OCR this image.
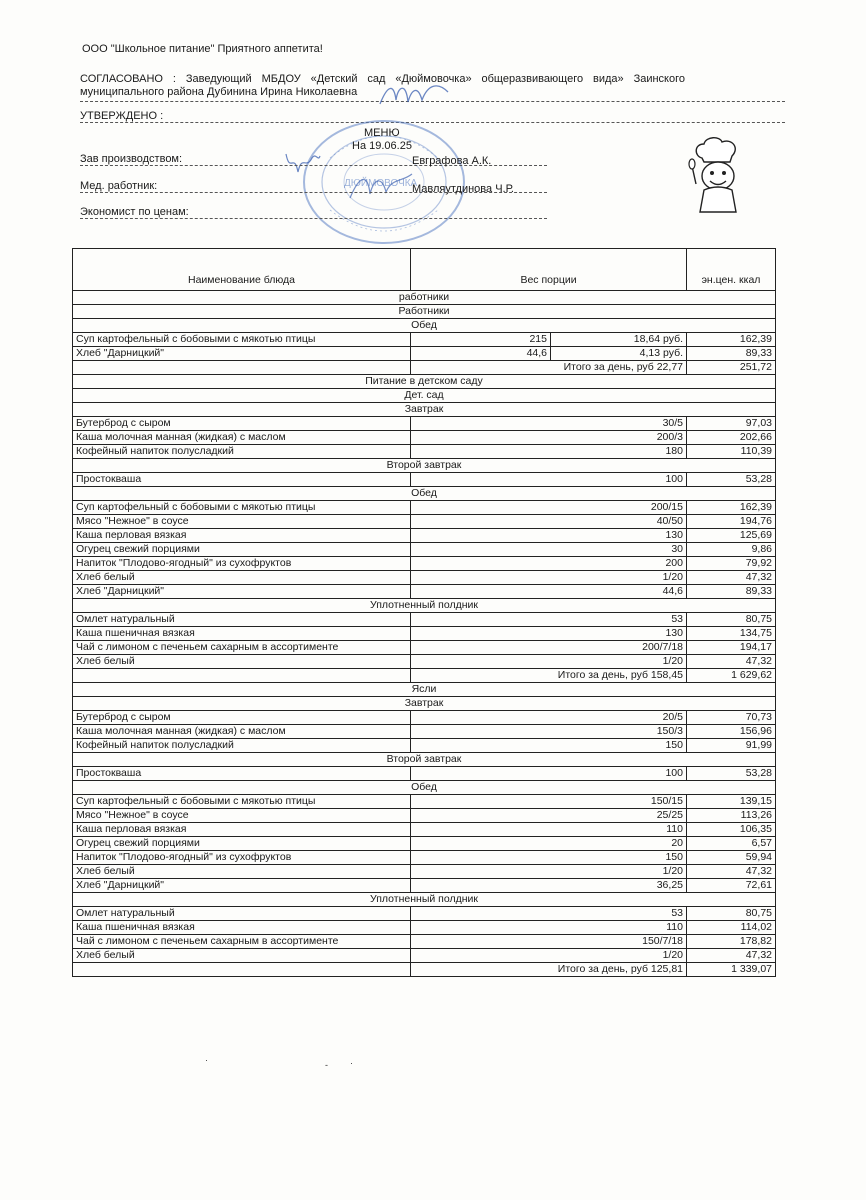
ООО "Школьное питание" Приятного аппетита!
СОГЛАСОВАНО : Заведующий МБДОУ «Детский сад «Дюймовочка» общеразвивающего вида» Заинского муниципального района Дубинина Ирина Николаевна
УТВЕРЖДЕНО :
ДЮЙМОВОЧКА
МЕНЮ
На 19.06.25
Зав производством:	Евграфова А.К.
Мед. работник:	Мавляутдинова Ч.Р.
Экономист по ценам:
Наименование блюда	Вес порции		эн.цен. ккал
работники			
Работники			
Обед			
Суп картофельный с бобовыми с мякотью птицы	215	18,64 руб.	162,39
Хлеб "Дарницкий"	44,6	4,13 руб.	89,33
	Итого за день, руб 22,77		251,72
Питание в детском саду			
Дет. сад			
Завтрак			
Бутерброд с сыром	30/5		97,03
Каша молочная манная (жидкая) с маслом	200/3		202,66
Кофейный напиток полусладкий	180		110,39
Второй завтрак			
Простокваша	100		53,28
Обед			
Суп картофельный с бобовыми с мякотью птицы	200/15		162,39
Мясо "Нежное" в соусе	40/50		194,76
Каша перловая вязкая	130		125,69
Огурец свежий порциями	30		9,86
Напиток "Плодово-ягодный" из сухофруктов	200		79,92
Хлеб белый	1/20		47,32
Хлеб "Дарницкий"	44,6		89,33
Уплотненный полдник			
Омлет натуральный	53		80,75
Каша пшеничная вязкая	130		134,75
Чай с лимоном с печеньем сахарным в ассортименте	200/7/18		194,17
Хлеб белый	1/20		47,32
	Итого за день, руб 158,45		1 629,62
Ясли			
Завтрак			
Бутерброд с сыром	20/5		70,73
Каша молочная манная (жидкая) с маслом	150/3		156,96
Кофейный напиток полусладкий	150		91,99
Второй завтрак			
Простокваша	100		53,28
Обед			
Суп картофельный с бобовыми с мякотью птицы	150/15		139,15
Мясо "Нежное" в соусе	25/25		113,26
Каша перловая вязкая	110		106,35
Огурец свежий порциями	20		6,57
Напиток "Плодово-ягодный" из сухофруктов	150		59,94
Хлеб белый	1/20		47,32
Хлеб "Дарницкий"	36,25		72,61
Уплотненный полдник			
Омлет натуральный	53		80,75
Каша пшеничная вязкая	110		114,02
Чай с лимоном с печеньем сахарным в ассортименте	150/7/18		178,82
Хлеб белый	1/20		47,32
	Итого за день, руб 125,81		1 339,07
·	- ·
